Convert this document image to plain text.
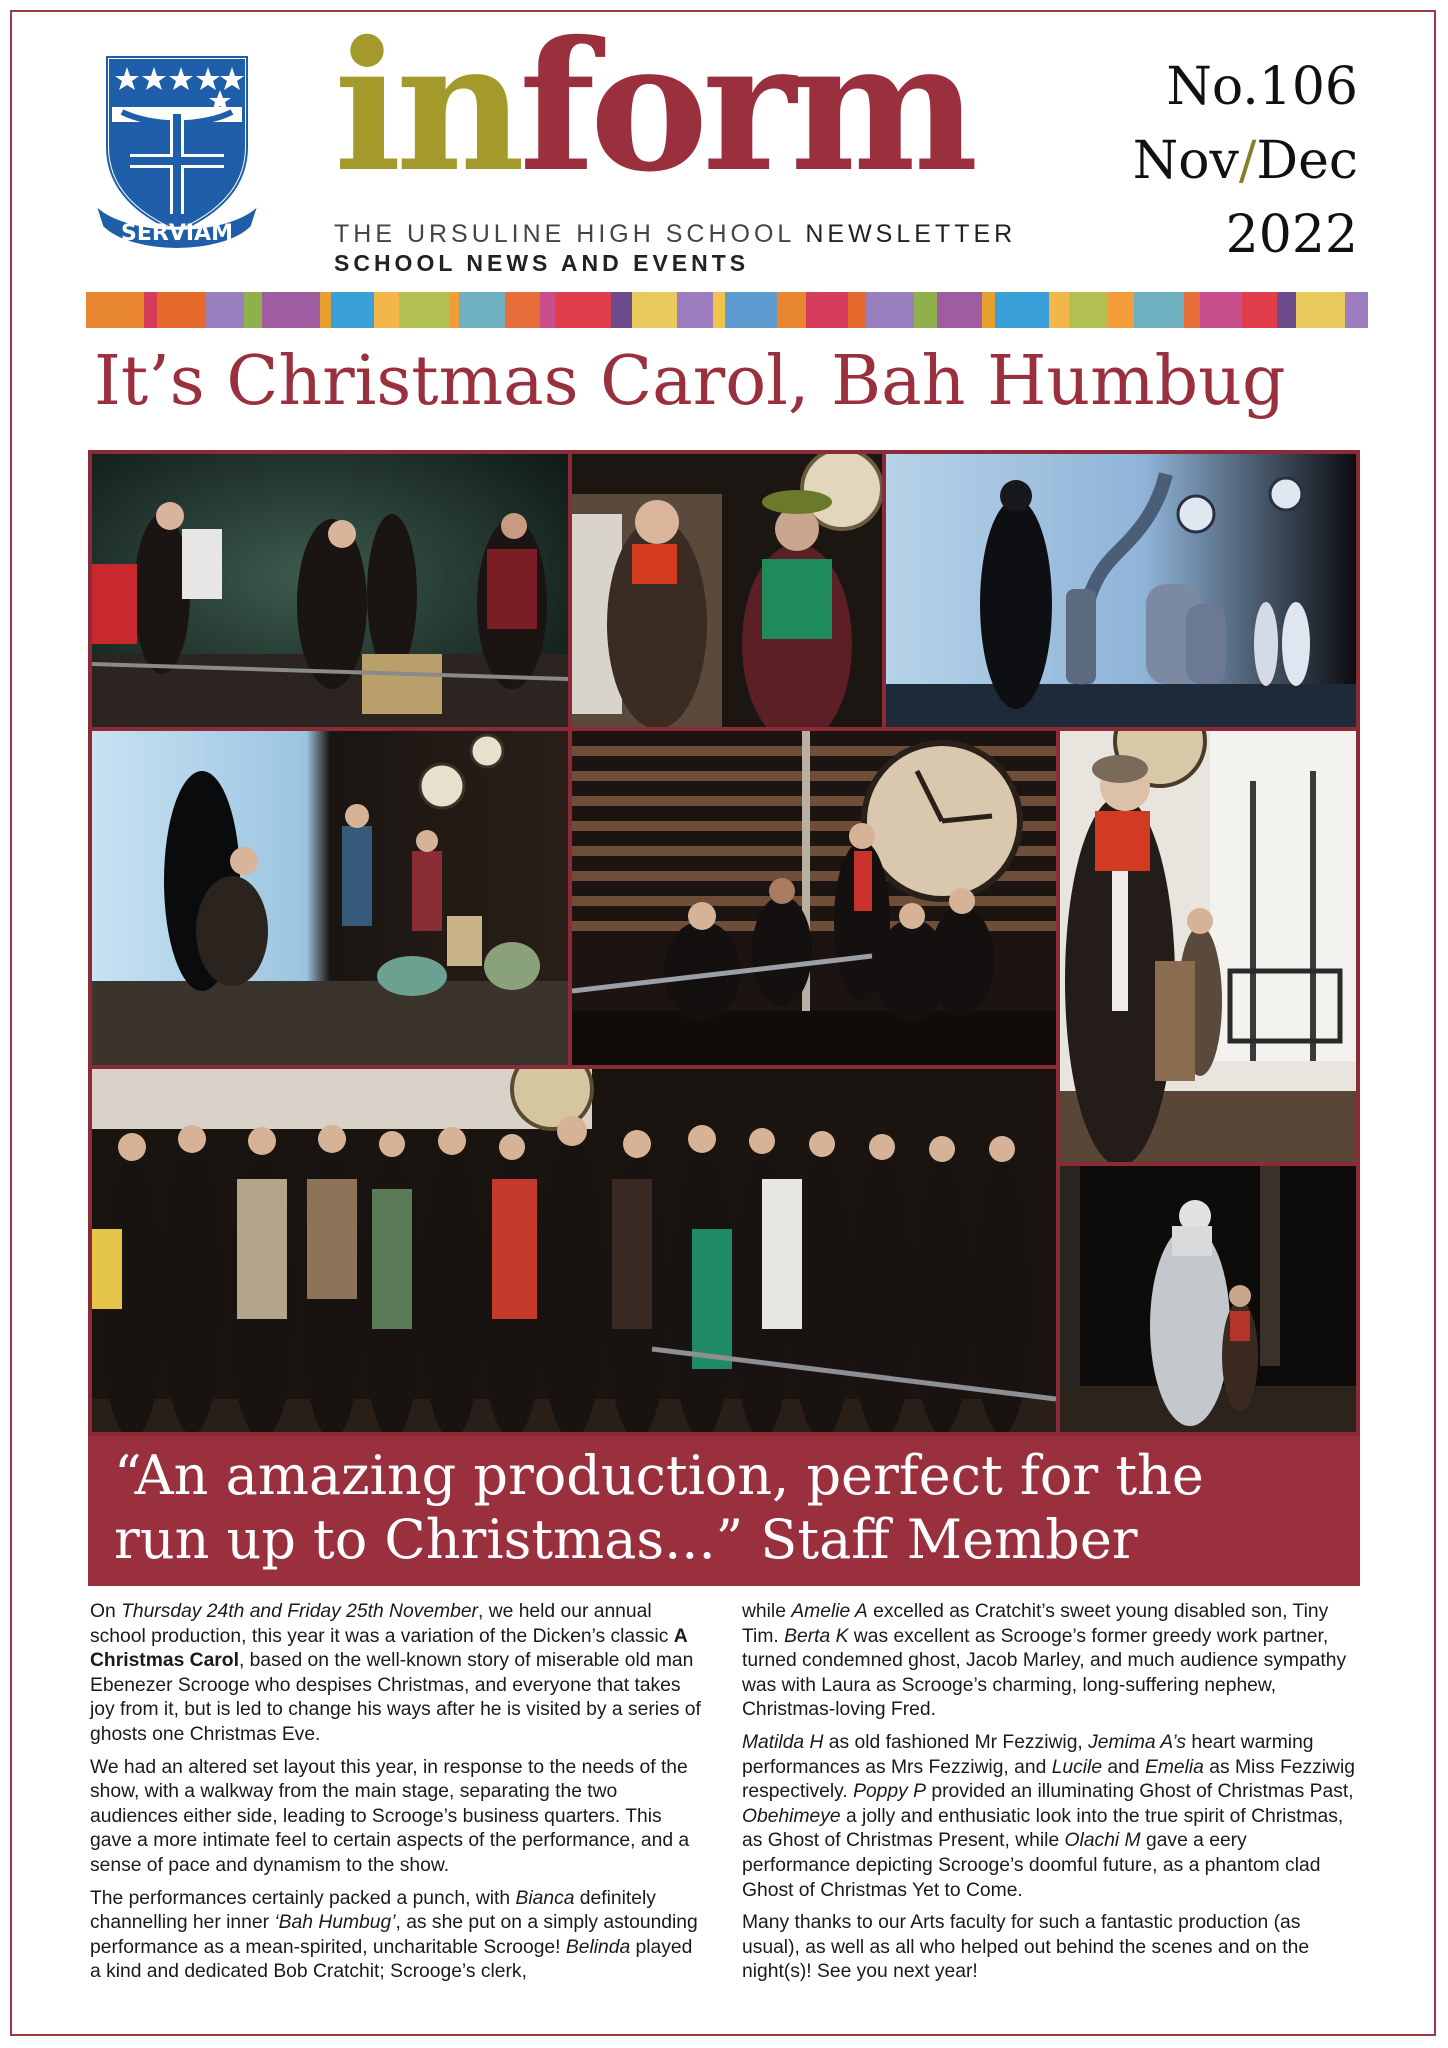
SERVIAM
inform
THE URSULINE HIGH SCHOOL NEWSLETTER
SCHOOL NEWS AND EVENTS
No.106
Nov/Dec
2022
It’s Christmas Carol, Bah Humbug
“An amazing production, perfect for the
run up to Christmas...” Staff Member

On Thursday 24th and Friday 25th November, we held our annual school production, this year it was a variation of the Dicken’s classic A Christmas Carol, based on the well-known story of miserable old man Ebenezer Scrooge who despises Christmas, and everyone that takes joy from it, but is led to change his ways after he is visited by a series of ghosts one Christmas Eve.

We had an altered set layout this year, in response to the needs of the show, with a walkway from the main stage, separating the two audiences either side, leading to Scrooge’s business quarters. This gave a more intimate feel to certain aspects of the performance, and a sense of pace and dynamism to the show.

The performances certainly packed a punch, with Bianca definitely channelling her inner ‘Bah Humbug’, as she put on a simply astounding performance as a mean-spirited, uncharitable Scrooge! Belinda played a kind and dedicated Bob Cratchit; Scrooge’s clerk,

while Amelie A excelled as Cratchit’s sweet young disabled son, Tiny Tim. Berta K was excellent as Scrooge’s former greedy work partner, turned condemned ghost, Jacob Marley, and much audience sympathy was with Laura as Scrooge’s charming, long-suffering nephew, Christmas-loving Fred.

Matilda H as old fashioned Mr Fezziwig, Jemima A’s heart warming performances as Mrs Fezziwig, and Lucile and Emelia as Miss Fezziwig respectively. Poppy P provided an illuminating Ghost of Christmas Past, Obehimeye a jolly and enthusiatic look into the true spirit of Christmas, as Ghost of Christmas Present, while Olachi M gave a eery performance depicting Scrooge’s doomful future, as a phantom clad Ghost of Christmas Yet to Come.

Many thanks to our Arts faculty for such a fantastic production (as usual), as well as all who helped out behind the scenes and on the night(s)! See you next year!
